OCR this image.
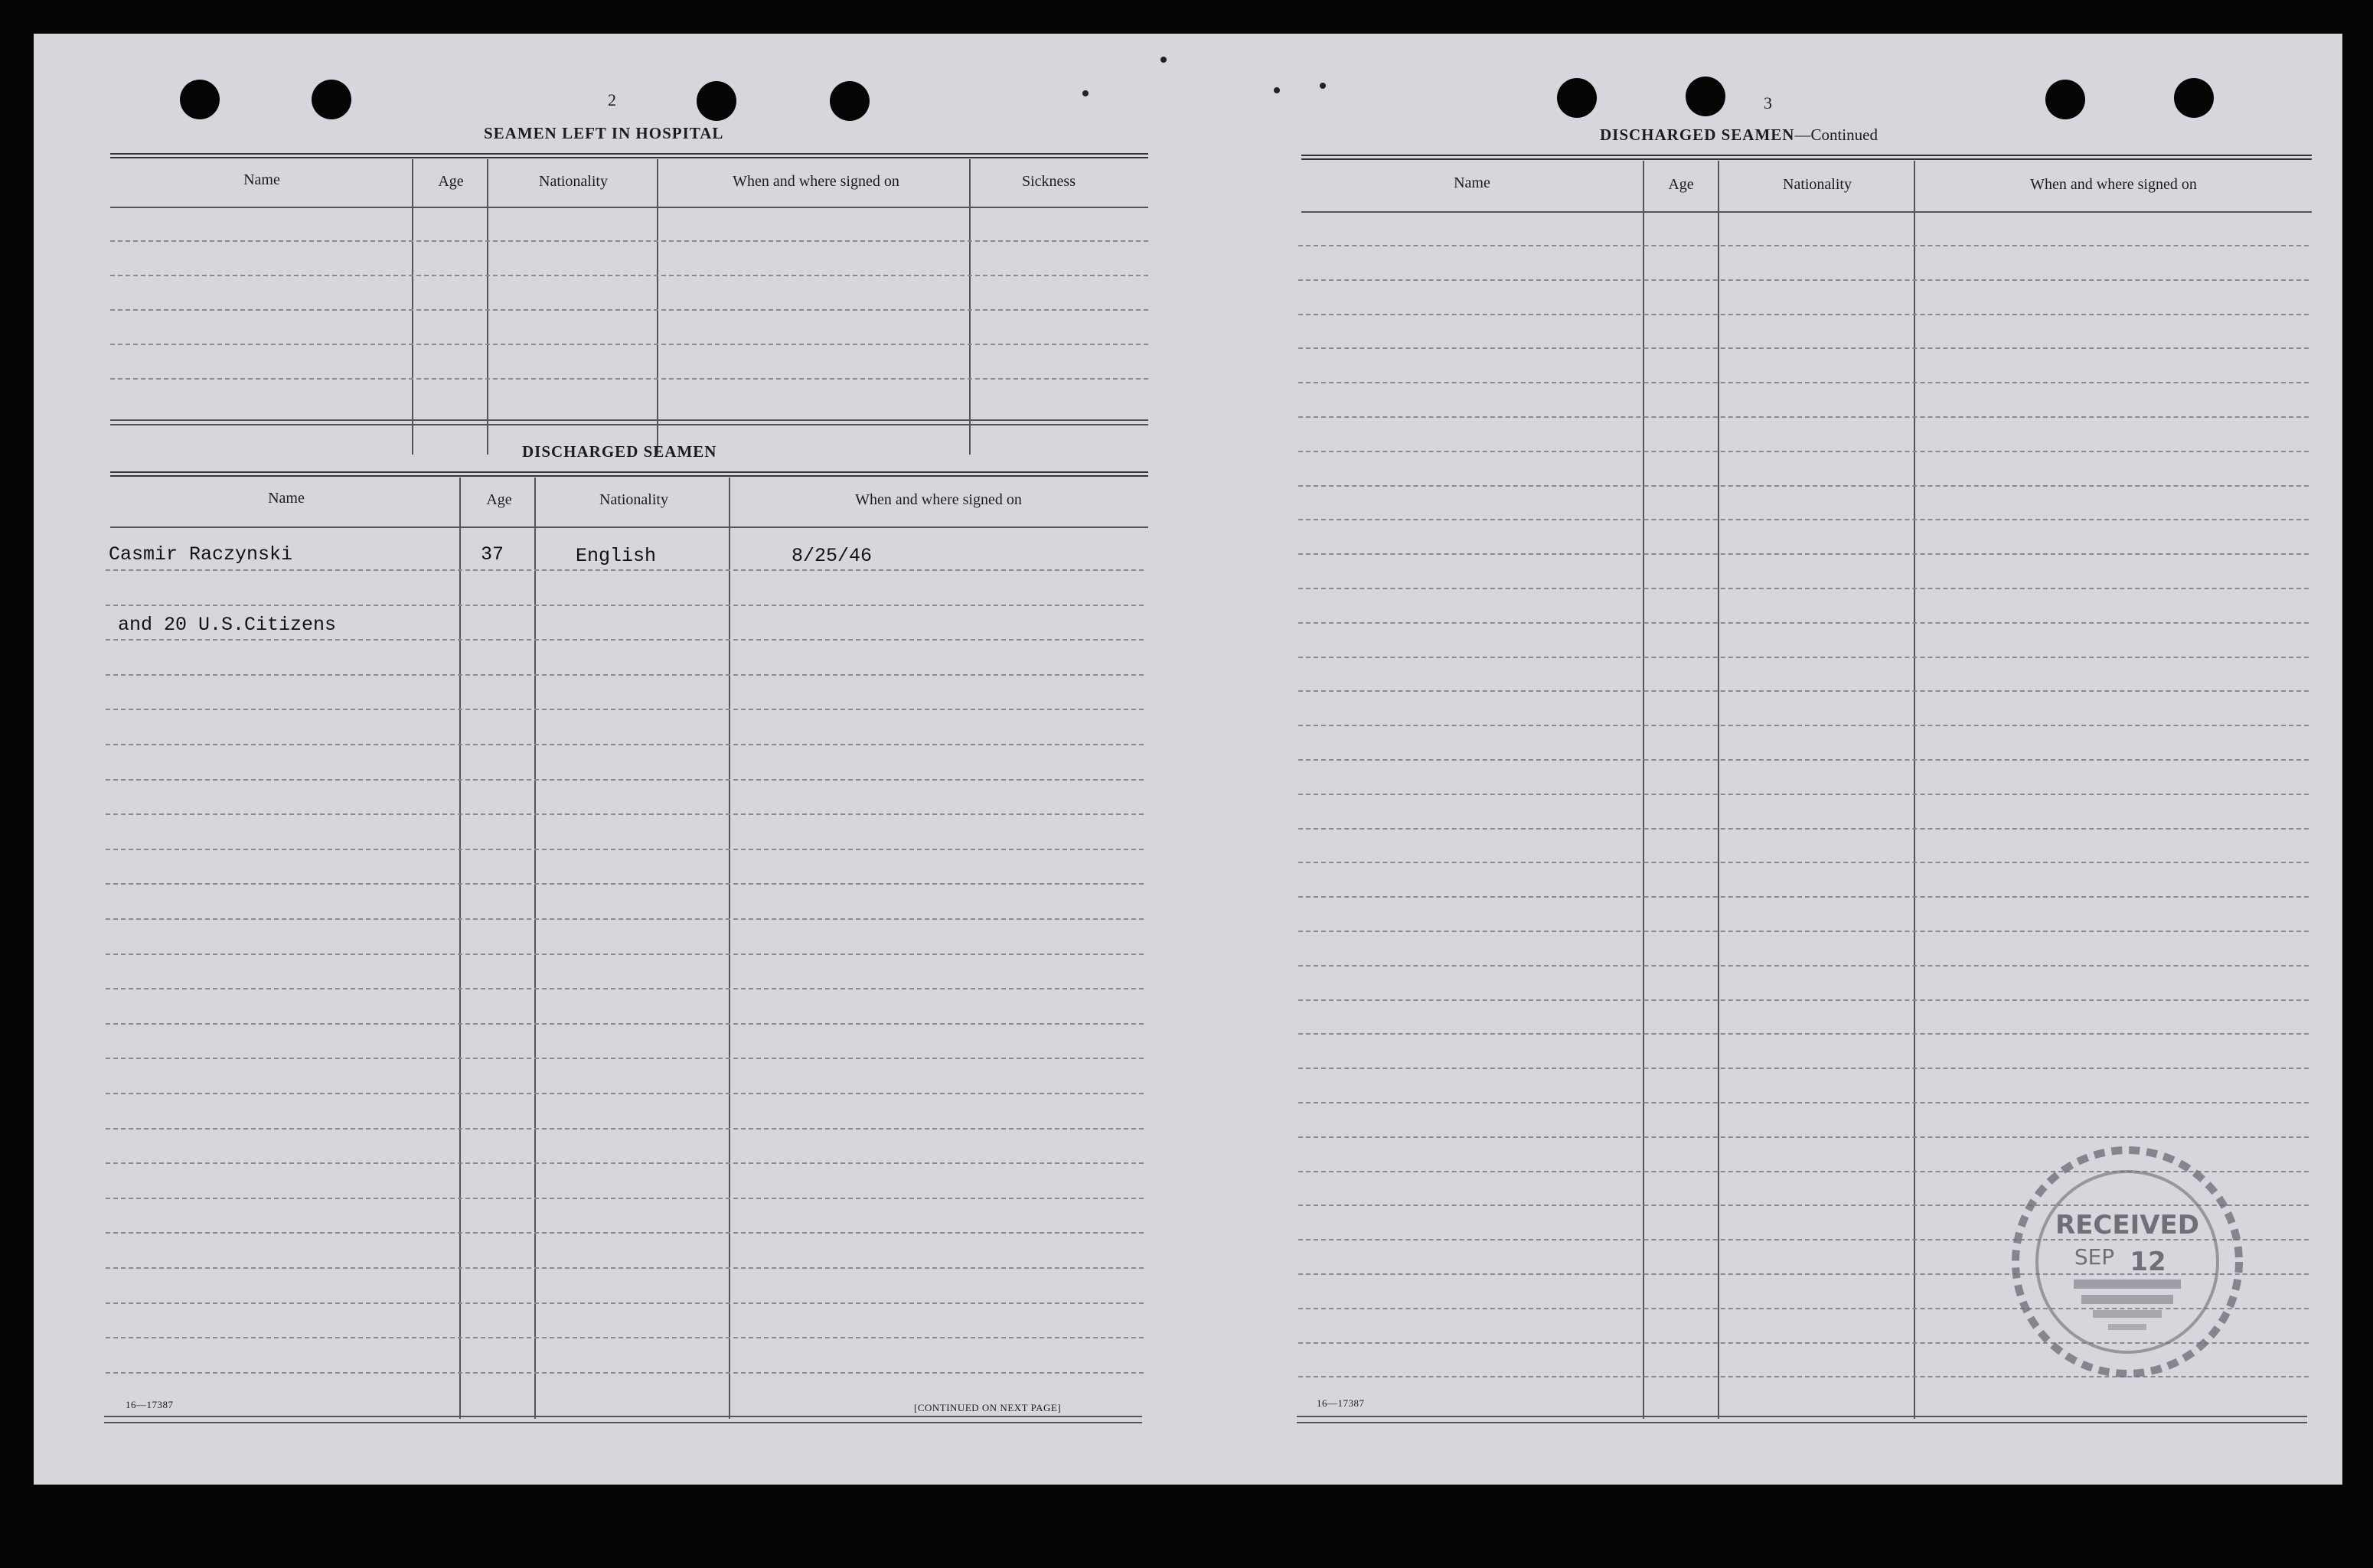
2
SEAMEN LEFT IN HOSPITAL
Name	Age	Nationality	When and where signed on	Sickness
DISCHARGED SEAMEN
Name	Age	Nationality	When and where signed on
Casmir Raczynski	37	English	8/25/46
and 20 U.S.Citizens
16—17387	[CONTINUED ON NEXT PAGE]
3
DISCHARGED SEAMEN—Continued
Name	Age	Nationality	When and where signed on
16—17387
RECEIVED
SEP 12
